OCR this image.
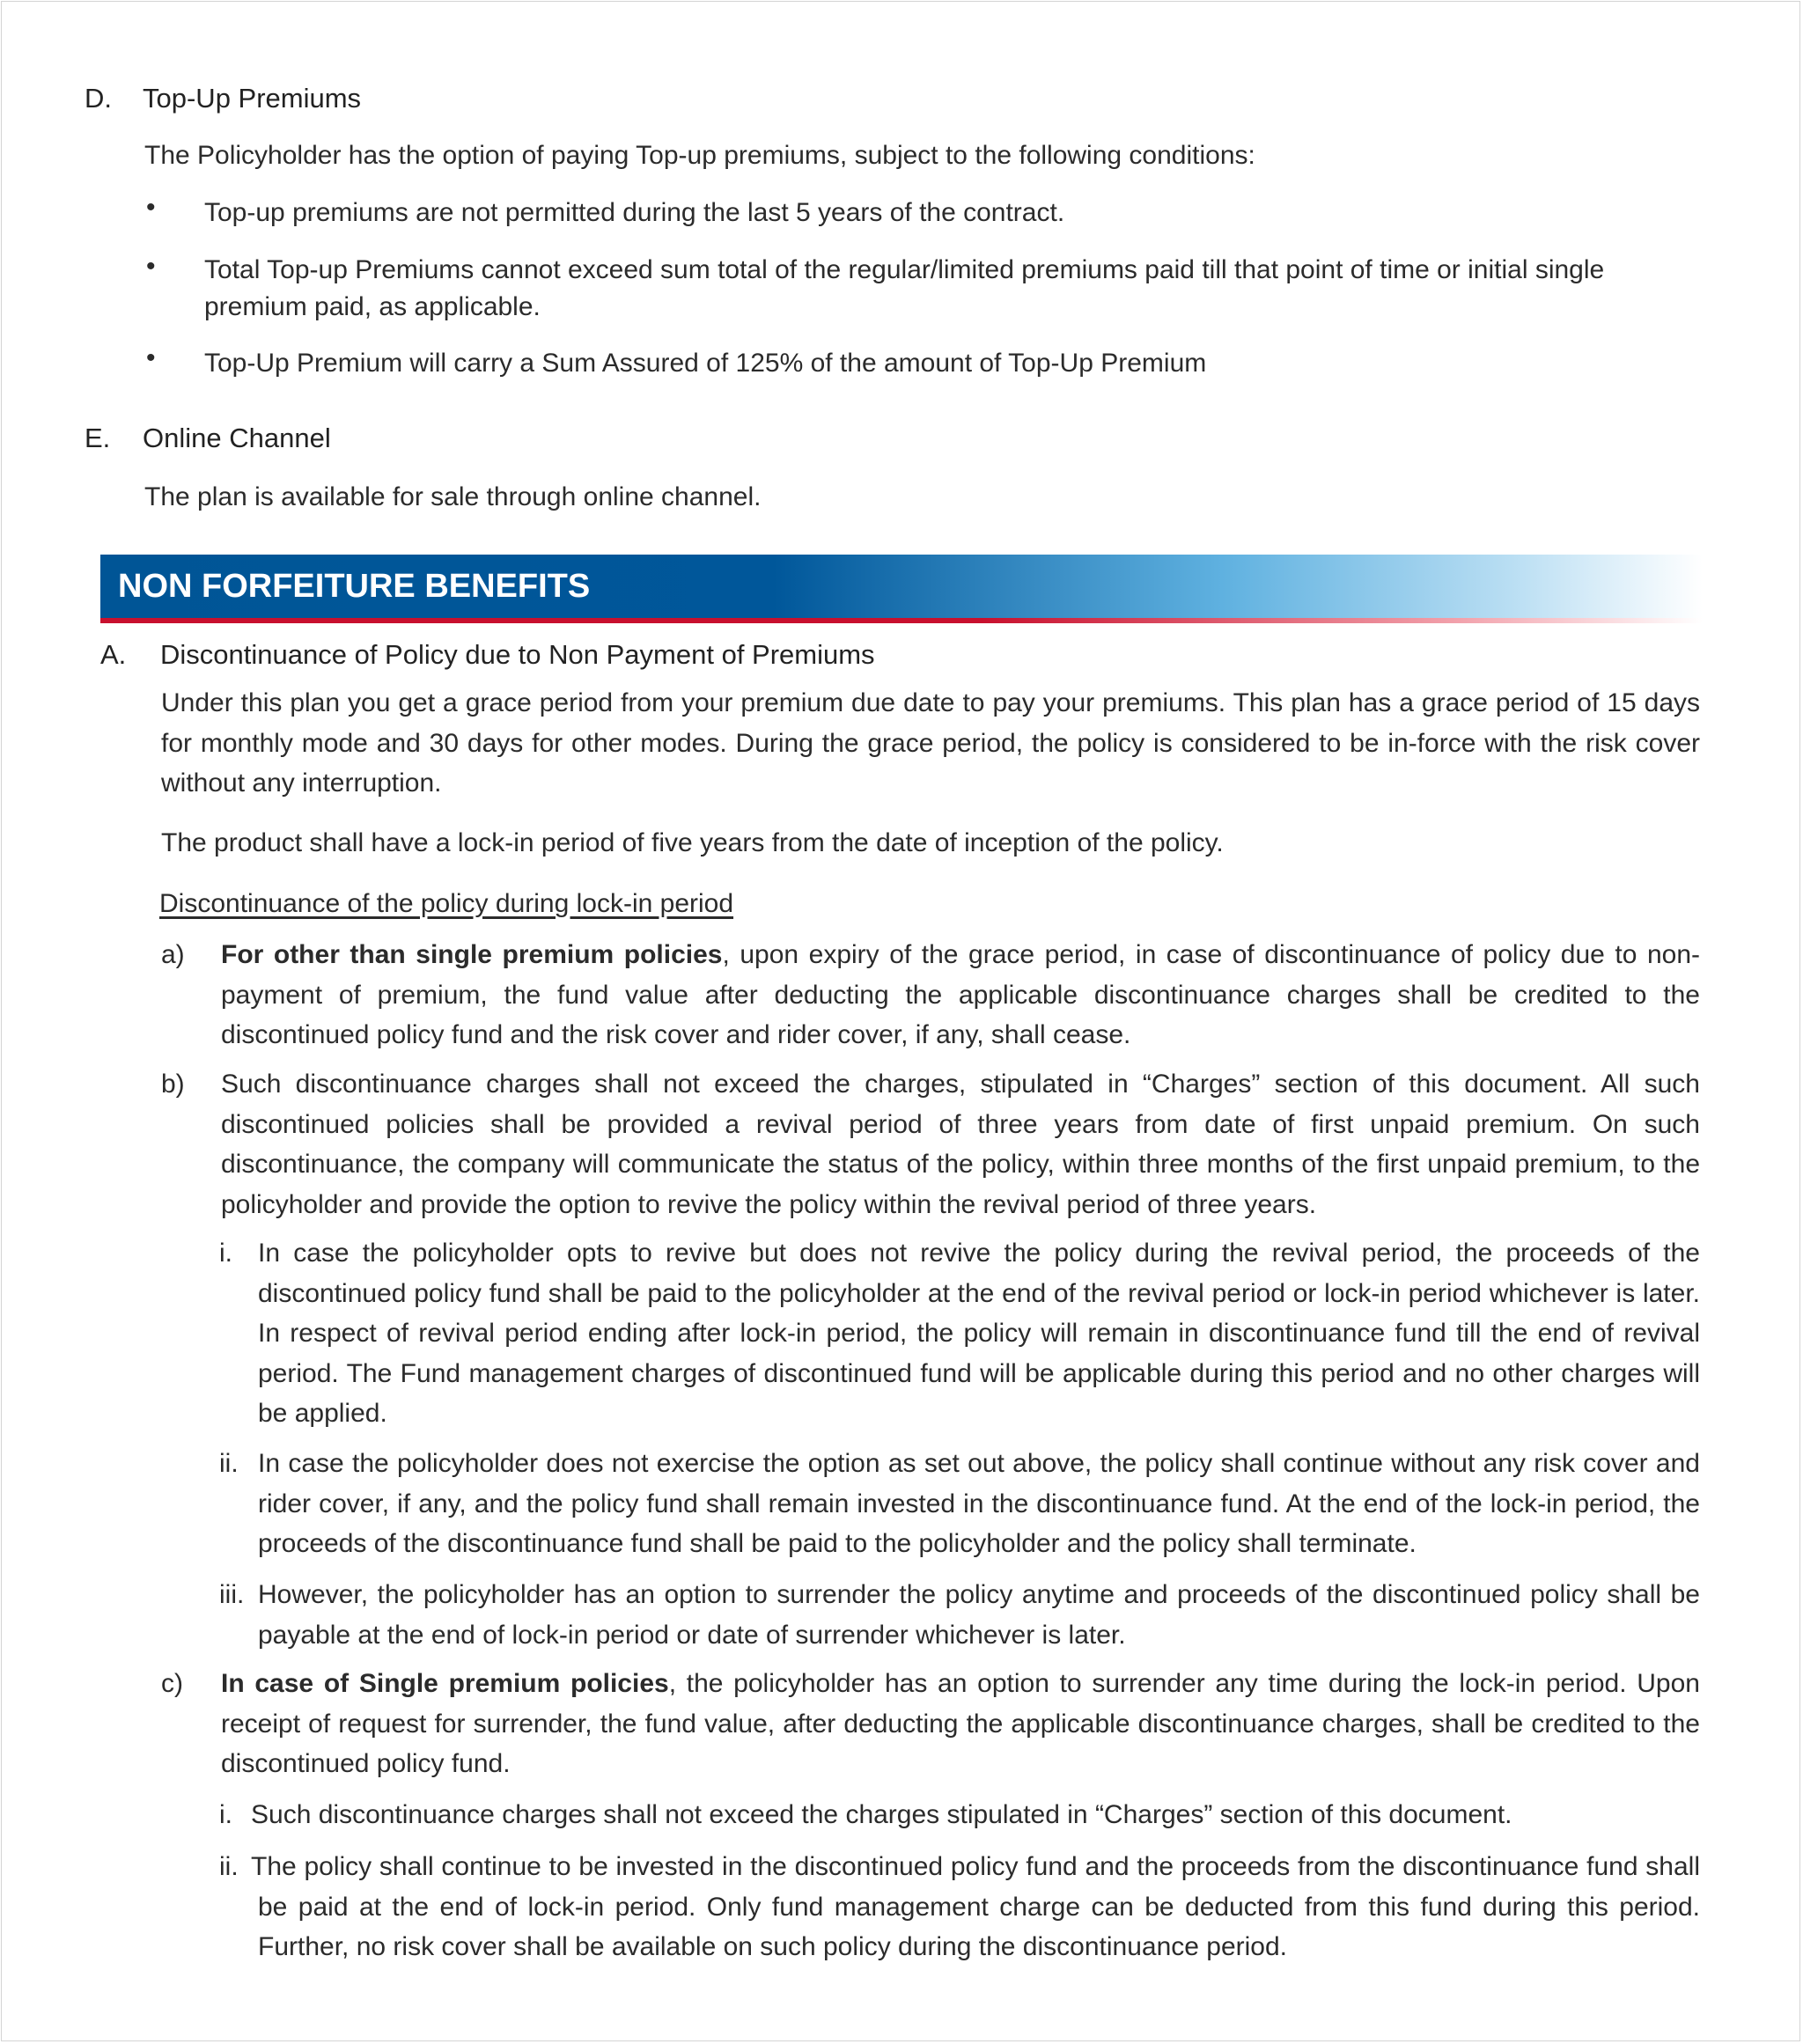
D. Top-Up Premiums
The Policyholder has the option of paying Top-up premiums, subject to the following conditions:
• Top-up premiums are not permitted during the last 5 years of the contract.
• Total Top-up Premiums cannot exceed sum total of the regular/limited premiums paid till that point of time or initial single premium paid, as applicable.
• Top-Up Premium will carry a Sum Assured of 125% of the amount of Top-Up Premium
E. Online Channel
The plan is available for sale through online channel.
NON FORFEITURE BENEFITS
A. Discontinuance of Policy due to Non Payment of Premiums
Under this plan you get a grace period from your premium due date to pay your premiums. This plan has a grace period of 15 days for monthly mode and 30 days for other modes. During the grace period, the policy is considered to be in-force with the risk cover without any interruption.
The product shall have a lock-in period of five years from the date of inception of the policy.
Discontinuance of the policy during lock-in period
a) For other than single premium policies, upon expiry of the grace period, in case of discontinuance of policy due to non-payment of premium, the fund value after deducting the applicable discontinuance charges shall be credited to the discontinued policy fund and the risk cover and rider cover, if any, shall cease.
b) Such discontinuance charges shall not exceed the charges, stipulated in “Charges” section of this document. All such discontinued policies shall be provided a revival period of three years from date of first unpaid premium. On such discontinuance, the company will communicate the status of the policy, within three months of the first unpaid premium, to the policyholder and provide the option to revive the policy within the revival period of three years.
i. In case the policyholder opts to revive but does not revive the policy during the revival period, the proceeds of the discontinued policy fund shall be paid to the policyholder at the end of the revival period or lock-in period whichever is later. In respect of revival period ending after lock-in period, the policy will remain in discontinuance fund till the end of revival period. The Fund management charges of discontinued fund will be applicable during this period and no other charges will be applied.
ii. In case the policyholder does not exercise the option as set out above, the policy shall continue without any risk cover and rider cover, if any, and the policy fund shall remain invested in the discontinuance fund. At the end of the lock-in period, the proceeds of the discontinuance fund shall be paid to the policyholder and the policy shall terminate.
iii. However, the policyholder has an option to surrender the policy anytime and proceeds of the discontinued policy shall be payable at the end of lock-in period or date of surrender whichever is later.
c) In case of Single premium policies, the policyholder has an option to surrender any time during the lock-in period. Upon receipt of request for surrender, the fund value, after deducting the applicable discontinuance charges, shall be credited to the discontinued policy fund.
i. Such discontinuance charges shall not exceed the charges stipulated in “Charges” section of this document.
ii. The policy shall continue to be invested in the discontinued policy fund and the proceeds from the discontinuance fund shall be paid at the end of lock-in period. Only fund management charge can be deducted from this fund during this period. Further, no risk cover shall be available on such policy during the discontinuance period.
